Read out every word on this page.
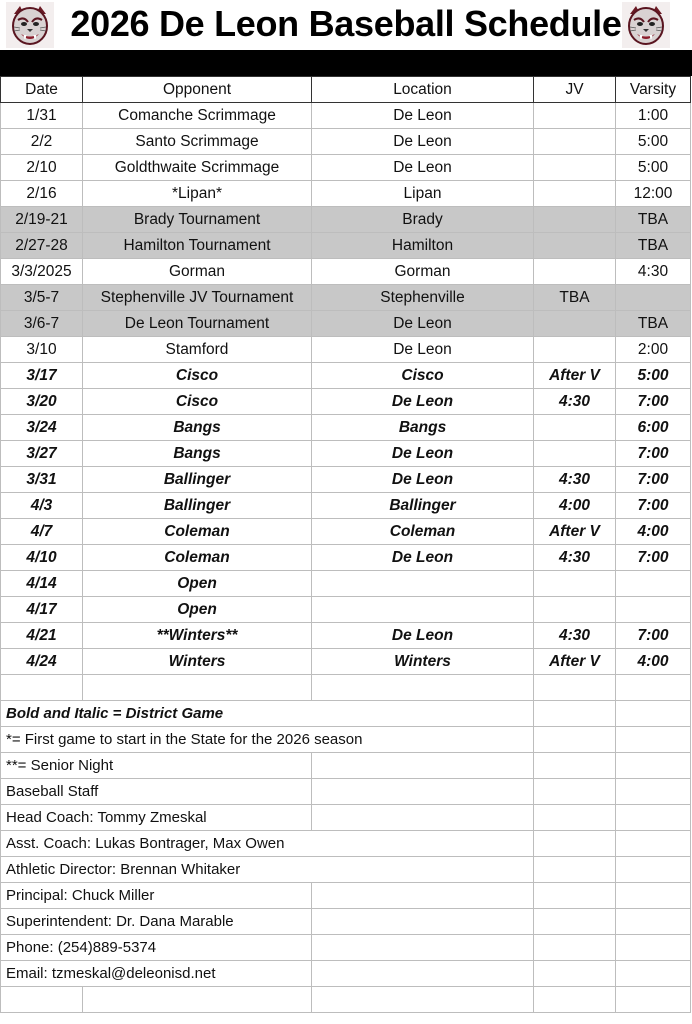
2026 De Leon Baseball Schedule
Date	Opponent	Location	JV	Varsity
1/31	Comanche Scrimmage	De Leon		1:00
2/2	Santo Scrimmage	De Leon		5:00
2/10	Goldthwaite Scrimmage	De Leon		5:00
2/16	*Lipan*	Lipan		12:00
2/19-21	Brady Tournament	Brady		TBA
2/27-28	Hamilton Tournament	Hamilton		TBA
3/3/2025	Gorman	Gorman		4:30
3/5-7	Stephenville JV Tournament	Stephenville	TBA	
3/6-7	De Leon Tournament	De Leon		TBA
3/10	Stamford	De Leon		2:00
3/17	Cisco	Cisco	After V	5:00
3/20	Cisco	De Leon	4:30	7:00
3/24	Bangs	Bangs		6:00
3/27	Bangs	De Leon		7:00
3/31	Ballinger	De Leon	4:30	7:00
4/3	Ballinger	Ballinger	4:00	7:00
4/7	Coleman	Coleman	After V	4:00
4/10	Coleman	De Leon	4:30	7:00
4/14	Open			
4/17	Open			
4/21	**Winters**	De Leon	4:30	7:00
4/24	Winters	Winters	After V	4:00

Bold and Italic = District Game				
*= First game to start in the State for the 2026 season				
**= Senior Night				
Baseball Staff				
Head Coach: Tommy Zmeskal				
Asst. Coach: Lukas Bontrager, Max Owen				
Athletic Director: Brennan Whitaker				
Principal: Chuck Miller				
Superintendent: Dr. Dana Marable				
Phone: (254)889-5374				
Email: tzmeskal@deleonisd.net				
